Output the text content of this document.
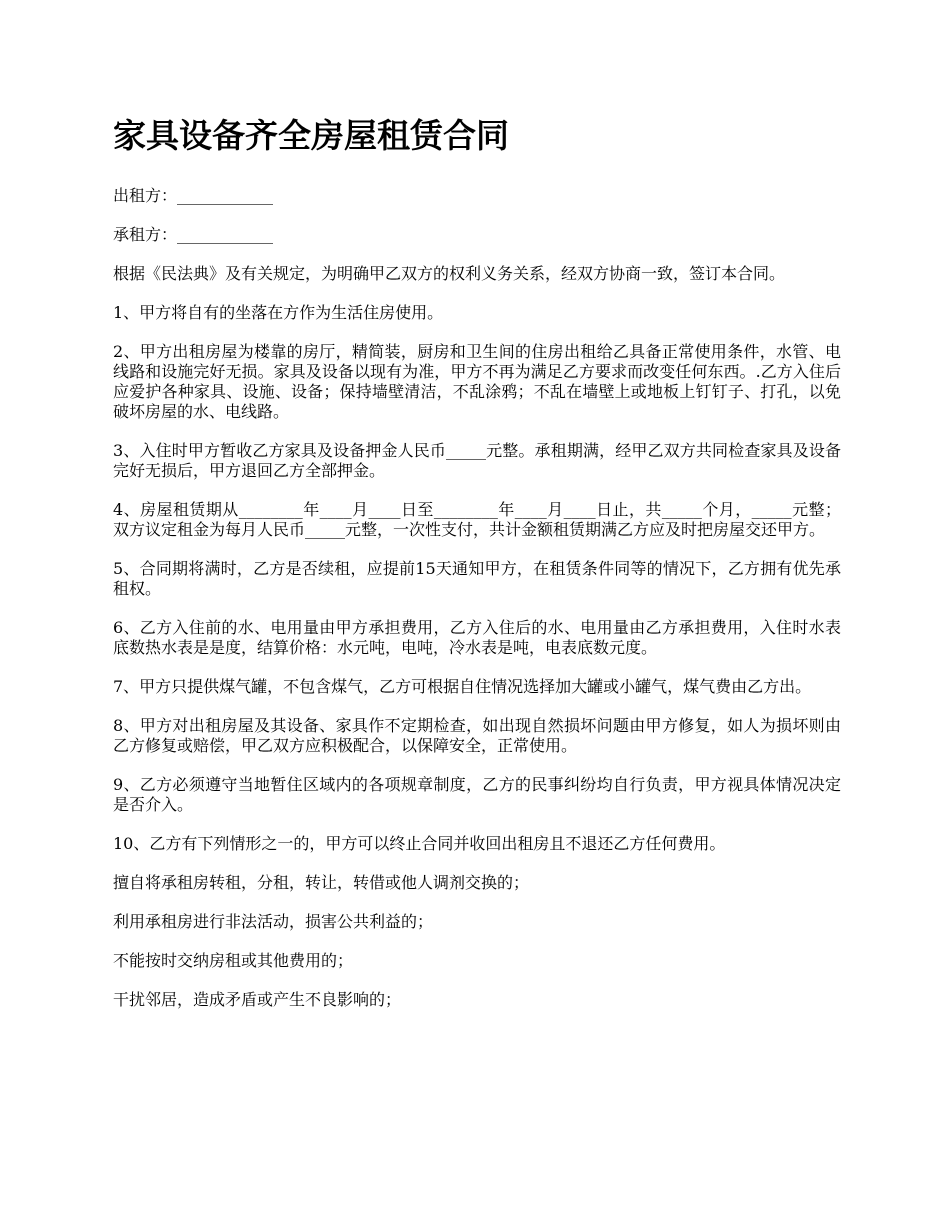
家具设备齐全房屋租赁合同

出租方：____________

承租方：____________

根据《民法典》及有关规定，为明确甲乙双方的权利义务关系，经双方协商一致，签订本合同。

1、甲方将自有的坐落在方作为生活住房使用。

2、甲方出租房屋为楼靠的房厅，精简装，厨房和卫生间的住房出租给乙具备正常使用条件，水管、电线路和设施完好无损。家具及设备以现有为准，甲方不再为满足乙方要求而改变任何东西。.乙方入住后应爱护各种家具、设施、设备；保持墙壁清洁，不乱涂鸦；不乱在墙壁上或地板上钉钉子、打孔，以免破坏房屋的水、电线路。

3、入住时甲方暂收乙方家具及设备押金人民币_____元整。承租期满，经甲乙双方共同检查家具及设备完好无损后，甲方退回乙方全部押金。

4、房屋租赁期从________年____月____日至________年____月____日止，共_____个月，_____元整；双方议定租金为每月人民币_____元整，一次性支付，共计金额租赁期满乙方应及时把房屋交还甲方。

5、合同期将满时，乙方是否续租，应提前15天通知甲方，在租赁条件同等的情况下，乙方拥有优先承租权。

6、乙方入住前的水、电用量由甲方承担费用，乙方入住后的水、电用量由乙方承担费用，入住时水表底数热水表是是度，结算价格：水元吨，电吨，冷水表是吨，电表底数元度。

7、甲方只提供煤气罐，不包含煤气，乙方可根据自住情况选择加大罐或小罐气，煤气费由乙方出。

8、甲方对出租房屋及其设备、家具作不定期检查，如出现自然损坏问题由甲方修复，如人为损坏则由乙方修复或赔偿，甲乙双方应积极配合，以保障安全，正常使用。

9、乙方必须遵守当地暂住区域内的各项规章制度，乙方的民事纠纷均自行负责，甲方视具体情况决定是否介入。

10、乙方有下列情形之一的，甲方可以终止合同并收回出租房且不退还乙方任何费用。

擅自将承租房转租，分租，转让，转借或他人调剂交换的；

利用承租房进行非法活动，损害公共利益的；

不能按时交纳房租或其他费用的；

干扰邻居，造成矛盾或产生不良影响的；
